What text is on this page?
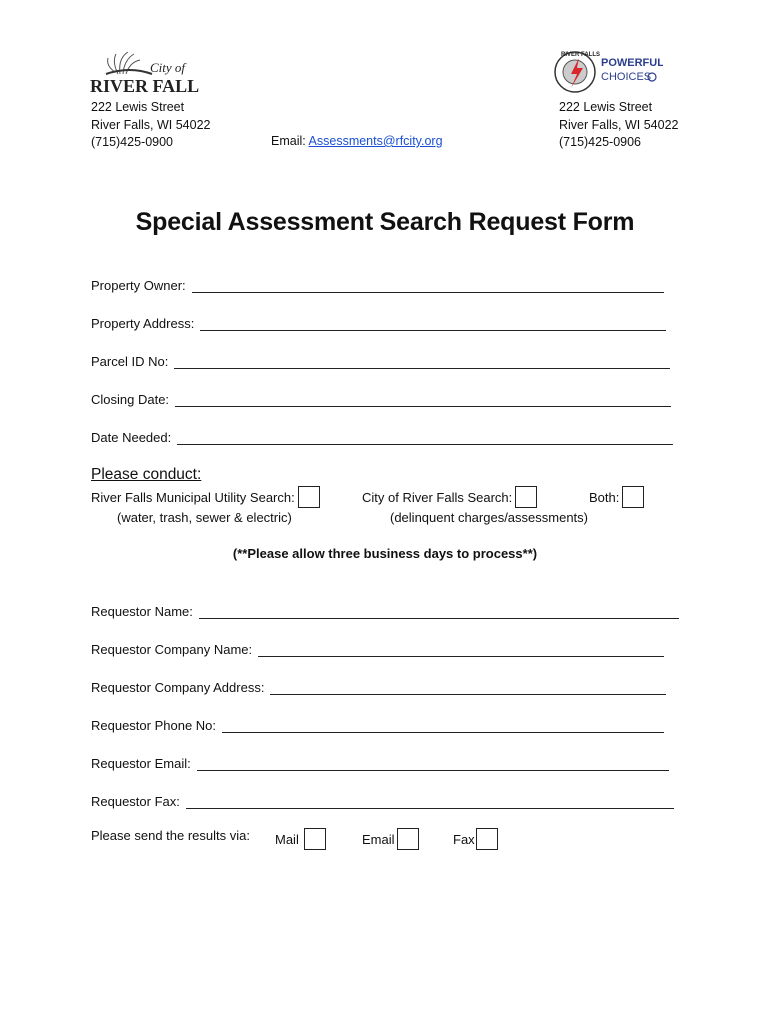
City of
RIVER FALLS
RIVER FALLS
POWERFUL
CHOICES
222 Lewis Street
River Falls, WI 54022
(715)425-0900	Email: Assessments@rfcity.org
222 Lewis Street
River Falls, WI 54022
(715)425-0906
Special Assessment Search Request Form
Property Owner:
Property Address:
Parcel ID No:
Closing Date:
Date Needed:
Please conduct:
River Falls Municipal Utility Search:
(water, trash, sewer & electric)
City of River Falls Search:
(delinquent charges/assessments)
Both:
(**Please allow three business days to process**)
Requestor Name:
Requestor Company Name:
Requestor Company Address:
Requestor Phone No:
Requestor Email:
Requestor Fax:
Please send the results via: Mail	Email	Fax
